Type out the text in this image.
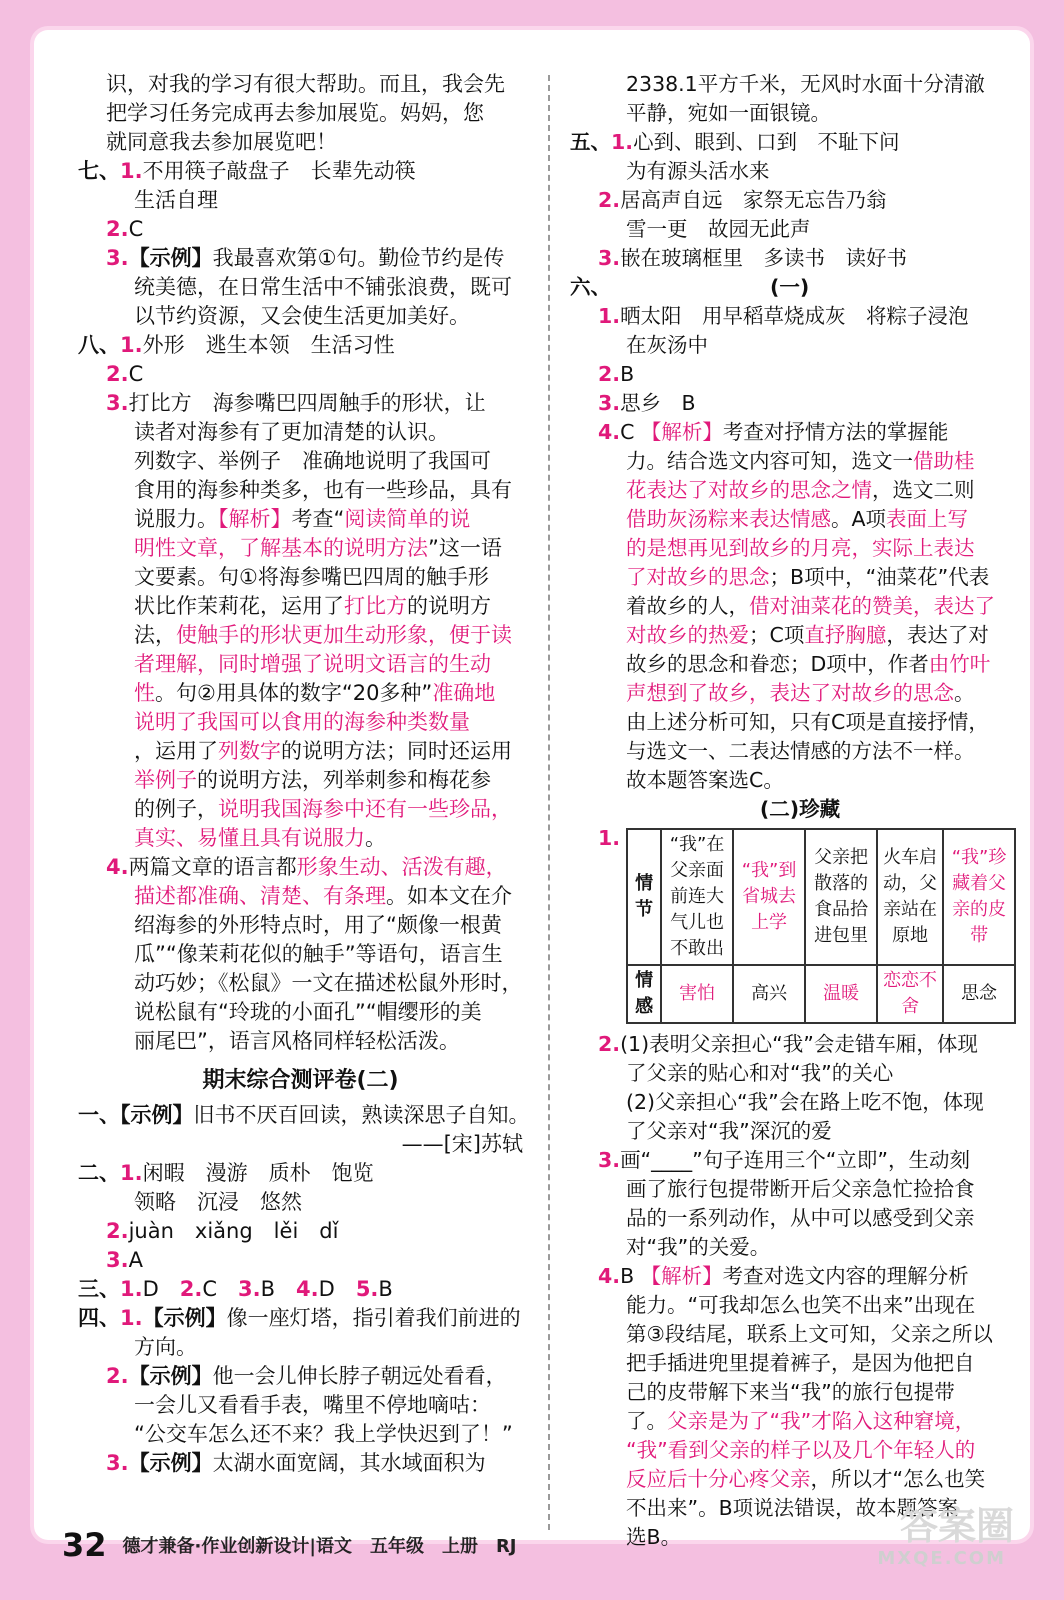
识，对我的学习有很大帮助。而且，我会先
把学习任务完成再去参加展览。妈妈，您
就同意我去参加展览吧！
七、1.不用筷子敲盘子　长辈先动筷
生活自理
2.C
3.【示例】我最喜欢第①句。勤俭节约是传
统美德，在日常生活中不铺张浪费，既可
以节约资源，又会使生活更加美好。
八、1.外形　逃生本领　生活习性
2.C
3.打比方　海参嘴巴四周触手的形状，让
读者对海参有了更加清楚的认识。
列数字、举例子　准确地说明了我国可
食用的海参种类多，也有一些珍品，具有
说服力。【解析】考查“阅读简单的说
明性文章，了解基本的说明方法”这一语
文要素。句①将海参嘴巴四周的触手形
状比作茉莉花，运用了打比方的说明方
法，使触手的形状更加生动形象，便于读
者理解，同时增强了说明文语言的生动
性。句②用具体的数字“20多种”准确地
说明了我国可以食用的海参种类数量
，运用了列数字的说明方法；同时还运用
举例子的说明方法，列举刺参和梅花参
的例子，说明我国海参中还有一些珍品，
真实、易懂且具有说服力。
4.两篇文章的语言都形象生动、活泼有趣，
描述都准确、清楚、有条理。如本文在介
绍海参的外形特点时，用了“颇像一根黄
瓜”“像茉莉花似的触手”等语句，语言生
动巧妙；《松鼠》一文在描述松鼠外形时，
说松鼠有“玲珑的小面孔”“帽缨形的美
丽尾巴”，语言风格同样轻松活泼。
期末综合测评卷(二)
一、【示例】旧书不厌百回读，熟读深思子自知。
——[宋]苏轼
二、1.闲暇　漫游　质朴　饱览
领略　沉浸　悠然
2.juàn　xiǎng　lěi　dǐ
3.A
三、1.D　 2.C　 3.B　 4.D　 5.B
四、1.【示例】像一座灯塔，指引着我们前进的
方向。
2.【示例】他一会儿伸长脖子朝远处看看，
一会儿又看看手表，嘴里不停地嘀咕：
“公交车怎么还不来？我上学快迟到了！”
3.【示例】太湖水面宽阔，其水域面积为
2338.1平方千米，无风时水面十分清澈
平静，宛如一面银镜。
五、1.心到、眼到、口到　不耻下问
为有源头活水来
2.居高声自远　家祭无忘告乃翁
雪一更　故园无此声
3.嵌在玻璃框里　多读书　读好书
六、	(一)
1.晒太阳　用早稻草烧成灰　将粽子浸泡
在灰汤中
2.B
3.思乡　B
4.C 【解析】考查对抒情方法的掌握能
力。结合选文内容可知，选文一借助桂
花表达了对故乡的思念之情，选文二则
借助灰汤粽来表达情感。A项表面上写
的是想再见到故乡的月亮，实际上表达
了对故乡的思念；B项中，“油菜花”代表
着故乡的人，借对油菜花的赞美，表达了
对故乡的热爱；C项直抒胸臆，表达了对
故乡的思念和眷恋；D项中，作者由竹叶
声想到了故乡，表达了对故乡的思念。
由上述分析可知，只有C项是直接抒情，
与选文一、二表达情感的方法不一样。
故本题答案选C。
(二)珍藏
1.
情节	“我”在父亲面前连大气儿也不敢出	“我”到省城去上学	父亲把散落的食品拾进包里	火车启动，父亲站在原地	“我”珍藏着父亲的皮带
情感	害怕	高兴	温暖	恋恋不舍	思念
2.(1)表明父亲担心“我”会走错车厢，体现
了父亲的贴心和对“我”的关心
(2)父亲担心“我”会在路上吃不饱，体现
了父亲对“我”深沉的爱
3.画“____”句子连用三个“立即”，生动刻
画了旅行包提带断开后父亲急忙捡拾食
品的一系列动作，从中可以感受到父亲
对“我”的关爱。
4.B 【解析】考查对选文内容的理解分析
能力。“可我却怎么也笑不出来”出现在
第③段结尾，联系上文可知，父亲之所以
把手插进兜里提着裤子，是因为他把自
己的皮带解下来当“我”的旅行包提带
了。父亲是为了“我”才陷入这种窘境，
“我”看到父亲的样子以及几个年轻人的
反应后十分心疼父亲，所以才“怎么也笑
不出来”。B项说法错误，故本题答案
选B。
32 德才兼备·作业创新设计|语文　五年级　上册　RJ	答案圈
MXQE.COM
